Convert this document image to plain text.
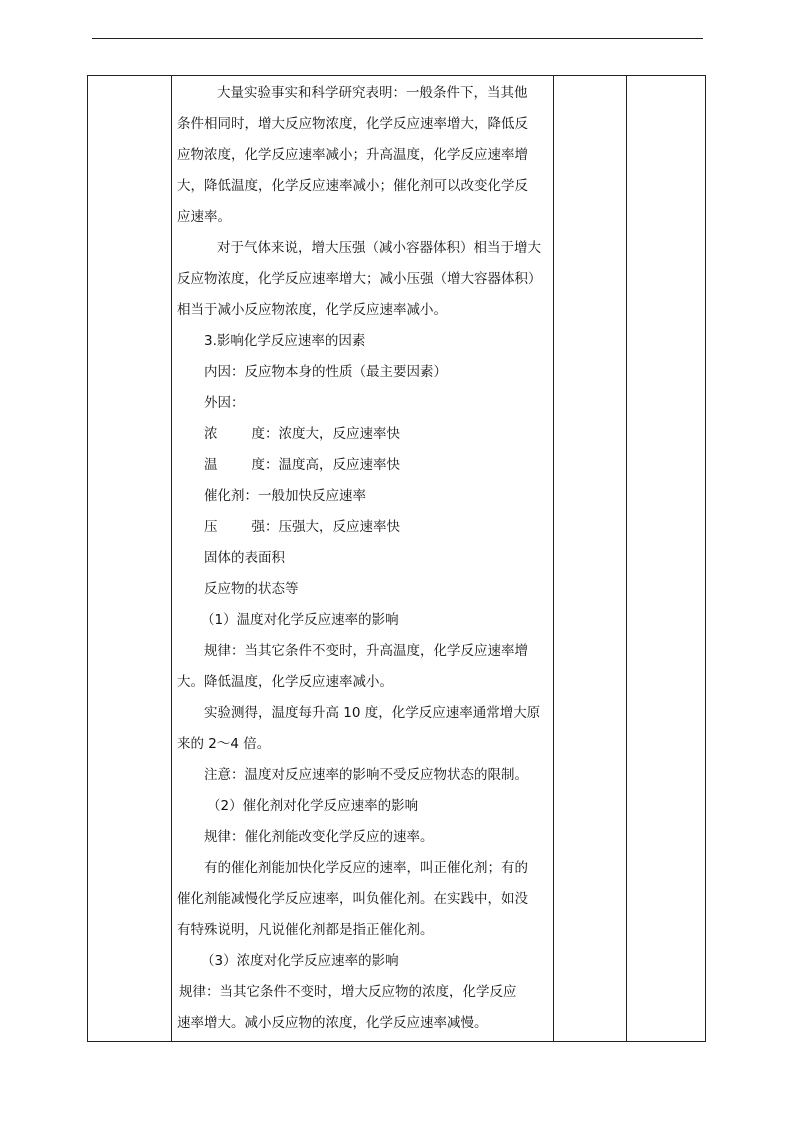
大量实验事实和科学研究表明：一般条件下，当其他
条件相同时，增大反应物浓度，化学反应速率增大，降低反
应物浓度，化学反应速率减小；升高温度，化学反应速率增
大，降低温度，化学反应速率减小；催化剂可以改变化学反
应速率。
对于气体来说，增大压强（减小容器体积）相当于增大
反应物浓度，化学反应速率增大；减小压强（增大容器体积）
相当于减小反应物浓度，化学反应速率减小。
3.影响化学反应速率的因素
内因：反应物本身的性质（最主要因素）
外因：
浓	度：浓度大，反应速率快
温	度：温度高，反应速率快
催化剂：一般加快反应速率
压	强：压强大，反应速率快
固体的表面积
反应物的状态等
（1）温度对化学反应速率的影响
规律：当其它条件不变时，升高温度，化学反应速率增
大。降低温度，化学反应速率减小。
实验测得，温度每升高 10 度，化学反应速率通常增大原
来的 2～4 倍。
注意：温度对反应速率的影响不受反应物状态的限制。
（2）催化剂对化学反应速率的影响
规律：催化剂能改变化学反应的速率。
有的催化剂能加快化学反应的速率，叫正催化剂；有的
催化剂能减慢化学反应速率，叫负催化剂。在实践中，如没
有特殊说明，凡说催化剂都是指正催化剂。
（3）浓度对化学反应速率的影响
规律：当其它条件不变时，增大反应物的浓度，化学反应
速率增大。减小反应物的浓度，化学反应速率减慢。
